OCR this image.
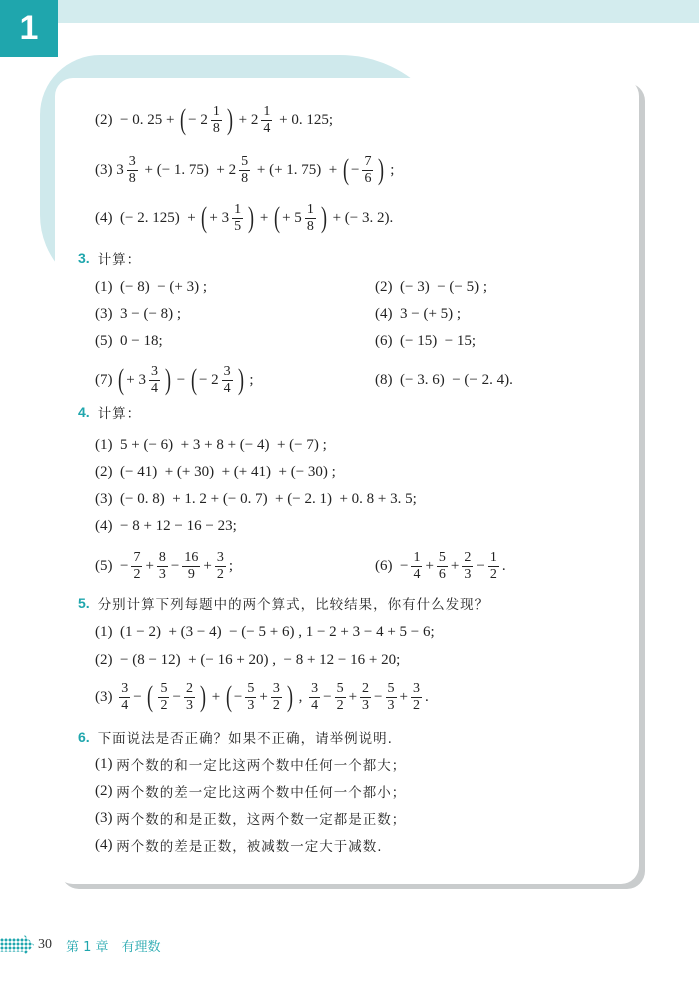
1
(2)  − 0. 25 + ( − $2 \frac{1}{8}$ ) + $2 \frac{1}{4} + 0$. 125;
(3) $3 \frac{3}{8}$ + (− 1. $75) + 2 \frac{5}{8}$ + (+ 1. 75)  + ( − $\frac{7}{6}$ ) ;
(4)  (− 2. 125)  + ( + $3 \frac{1}{5}$ ) + ( + $5 \frac{1}{8}$ ) + (− 3. 2).
3. 计算：
(1)  (− 8)  − (+ 3) ;	(2)  (− 3)  − (− 5) ;
(3)  3 − (− 8) ;	(4)  3 − (+ 5) ;
(5)  0 − 18;	(6)  (− 15)  − 15;
(7) ( + $3 \frac{3}{4}$ ) − ( − $2 \frac{3}{4}$ ) ;	(8)  (− 3. 6)  − (− 2. 4).
4. 计算：
(1)  5 + (− 6)  + 3 + 8 + (− 4)  + (− 7) ;
(2)  (− 41)  + (+ 30)  + (+ 41)  + (− 30) ;
(3)  (− 0. 8)  + 1. 2 + (− 0. 7)  + (− 2. 1)  + 0. 8 + 3. 5;
(4)  − 8 + 12 − 16 − 23;
$(5) - \frac{7}{2} + \frac{8}{3} - \frac{16}{9} + \frac{3}{2}$ ;	$(6) - \frac{1}{4} + \frac{5}{6} + \frac{2}{3} - \frac{1}{2}$ .
5. 分别计算下列每题中的两个算式，比较结果，你有什么发现？
(1)  (1 − 2)  + (3 − 4)  − (− 5 + 6) , 1 − 2 + 3 − 4 + 5 − 6;
(2)  − (8 − 12)  + (− 16 + 20) ,  − 8 + 12 − 16 + 20;
$(3) \frac{3}{4}$ − ( $\frac{5}{2} - \frac{2}{3}$ ) + ( − $\frac{5}{3} + \frac{3}{2}$ ) , $\frac{3}{4} - \frac{5}{2} + \frac{2}{3} - \frac{5}{3} + \frac{3}{2}$ .
6. 下面说法是否正确？如果不正确，请举例说明.
(1) 两个数的和一定比这两个数中任何一个都大；
(2) 两个数的差一定比这两个数中任何一个都小；
(3) 两个数的和是正数，这两个数一定都是正数；
(4) 两个数的差是正数，被减数一定大于减数.
30 第 1 章　有理数
